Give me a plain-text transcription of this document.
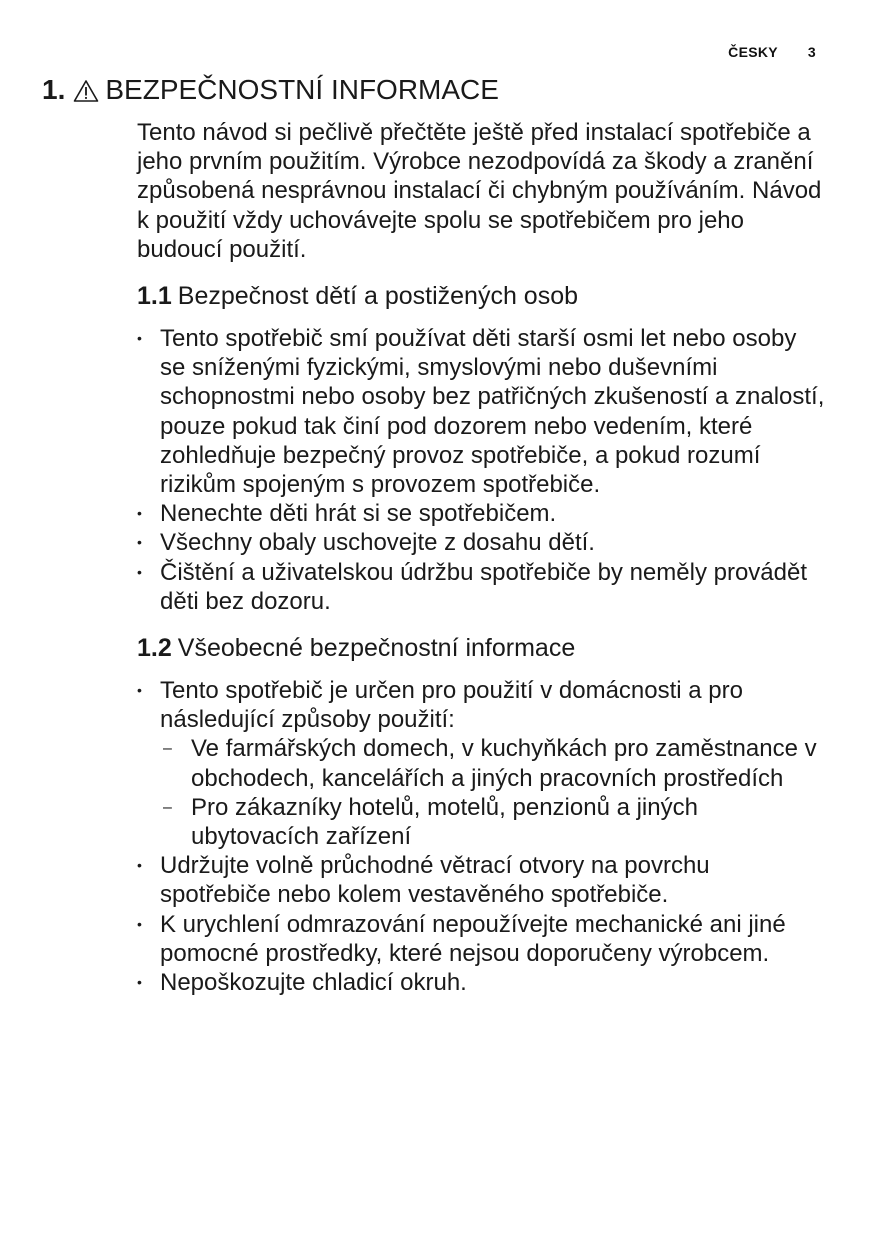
ČESKY 3
1. BEZPEČNOSTNÍ INFORMACE

Tento návod si pečlivě přečtěte ještě před instalací spotřebiče a jeho prvním použitím. Výrobce nezodpovídá za škody a zranění způsobená nesprávnou instalací či chybným používáním. Návod k použití vždy uchovávejte spolu se spotřebičem pro jeho budoucí použití.

1.1 Bezpečnost dětí a postižených osob
• Tento spotřebič smí používat děti starší osmi let nebo osoby se sníženými fyzickými, smyslovými nebo duševními schopnostmi nebo osoby bez patřičných zkušeností a znalostí, pouze pokud tak činí pod dozorem nebo vedením, které zohledňuje bezpečný provoz spotřebiče, a pokud rozumí rizikům spojeným s provozem spotřebiče.
• Nenechte děti hrát si se spotřebičem.
• Všechny obaly uschovejte z dosahu dětí.
• Čištění a uživatelskou údržbu spotřebiče by neměly provádět děti bez dozoru.
1.2 Všeobecné bezpečnostní informace
• Tento spotřebič je určen pro použití v domácnosti a pro následující způsoby použití:
– Ve farmářských domech, v kuchyňkách pro zaměstnance v obchodech, kancelářích a jiných pracovních prostředích
– Pro zákazníky hotelů, motelů, penzionů a jiných ubytovacích zařízení
• Udržujte volně průchodné větrací otvory na povrchu spotřebiče nebo kolem vestavěného spotřebiče.
• K urychlení odmrazování nepoužívejte mechanické ani jiné pomocné prostředky, které nejsou doporučeny výrobcem.
• Nepoškozujte chladicí okruh.
